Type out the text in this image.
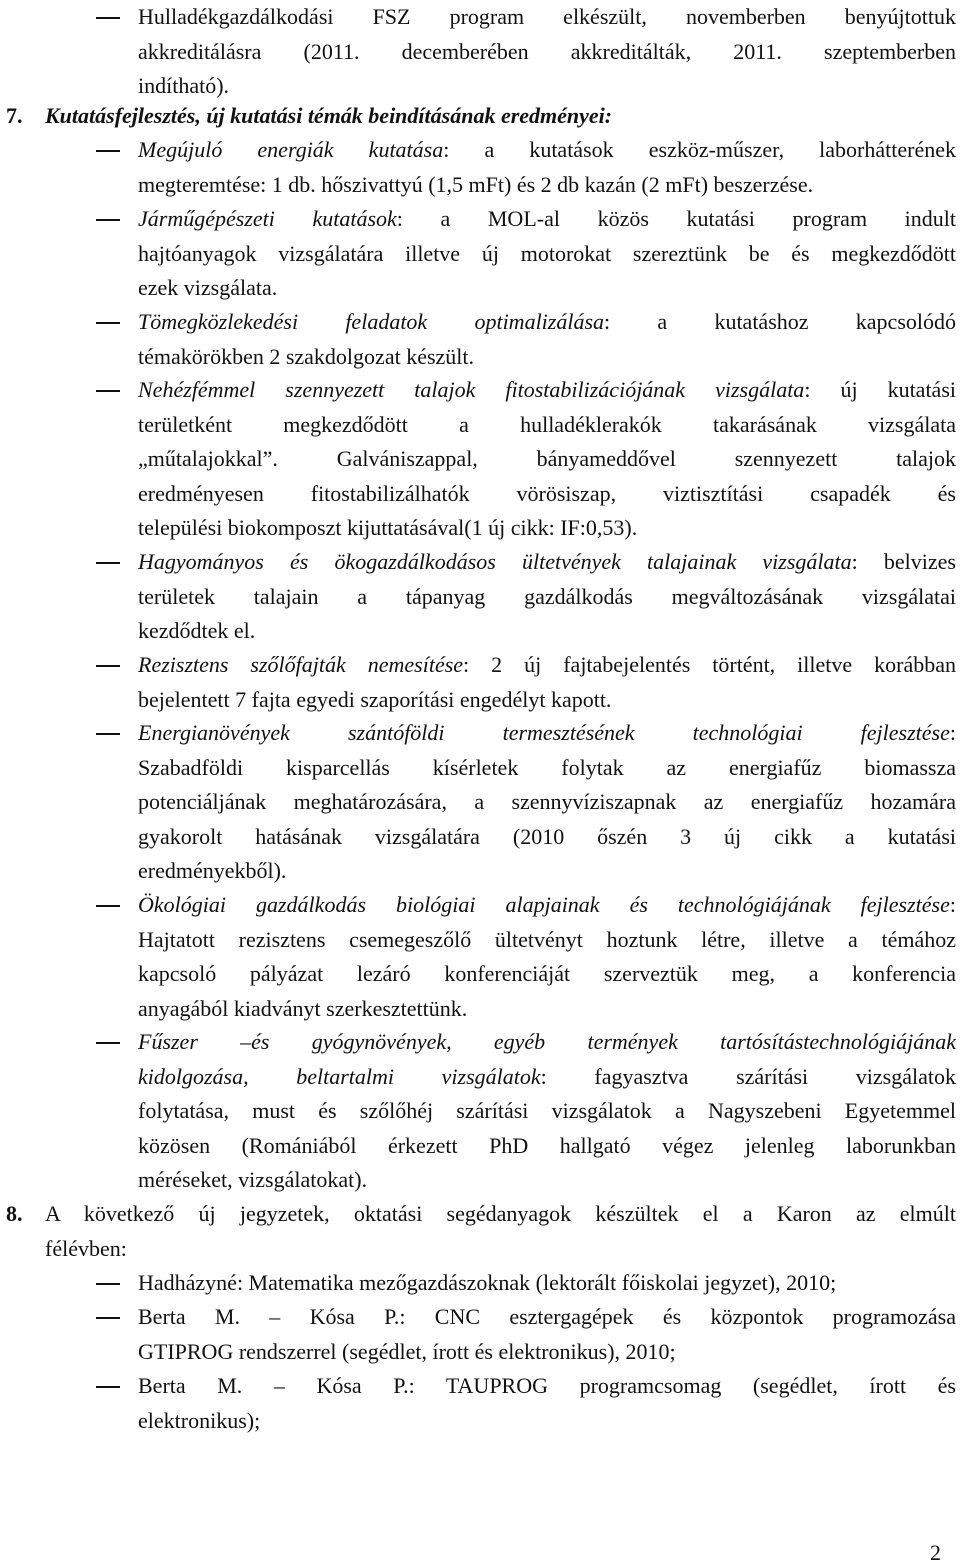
Hulladékgazdálkodási FSZ program elkészült, novemberben benyújtottuk
akkreditálásra (2011. decemberében akkreditálták, 2011. szeptemberben
indítható).
7. Kutatásfejlesztés, új kutatási témák beindításának eredményei:
Megújuló energiák kutatása: a kutatások eszköz-műszer, laborhátterének
megteremtése: 1 db. hőszivattyú (1,5 mFt) és 2 db kazán (2 mFt) beszerzése.
Járműgépészeti kutatások: a MOL-al közös kutatási program indult
hajtóanyagok vizsgálatára illetve új motorokat szereztünk be és megkezdődött
ezek vizsgálata.
Tömegközlekedési feladatok optimalizálása: a kutatáshoz kapcsolódó
témakörökben 2 szakdolgozat készült.
Nehézfémmel szennyezett talajok fitostabilizációjának vizsgálata: új kutatási
területként megkezdődött a hulladéklerakók takarásának vizsgálata
„műtalajokkal”. Galvániszappal, bányameddővel szennyezett talajok
eredményesen fitostabilizálhatók vörösiszap, viztisztítási csapadék és
települési biokomposzt kijuttatásával(1 új cikk: IF:0,53).
Hagyományos és ökogazdálkodásos ültetvények talajainak vizsgálata: belvizes
területek talajain a tápanyag gazdálkodás megváltozásának vizsgálatai
kezdődtek el.
Rezisztens szőlőfajták nemesítése: 2 új fajtabejelentés történt, illetve korábban
bejelentett 7 fajta egyedi szaporítási engedélyt kapott.
Energianövények szántóföldi termesztésének technológiai fejlesztése:
Szabadföldi kisparcellás kísérletek folytak az energiafűz biomassza
potenciáljának meghatározására, a szennyvíziszapnak az energiafűz hozamára
gyakorolt hatásának vizsgálatára (2010 őszén 3 új cikk a kutatási
eredményekből).
Ökológiai gazdálkodás biológiai alapjainak és technológiájának fejlesztése:
Hajtatott rezisztens csemegeszőlő ültetvényt hoztunk létre, illetve a témához
kapcsoló pályázat lezáró konferenciáját szerveztük meg, a konferencia
anyagából kiadványt szerkesztettünk.
Fűszer –és gyógynövények, egyéb termények tartósítástechnológiájának
kidolgozása, beltartalmi vizsgálatok: fagyasztva szárítási vizsgálatok
folytatása, must és szőlőhéj szárítási vizsgálatok a Nagyszebeni Egyetemmel
közösen (Romániából érkezett PhD hallgató végez jelenleg laborunkban
méréseket, vizsgálatokat).
8. A következő új jegyzetek, oktatási segédanyagok készültek el a Karon az elmúlt
félévben:
Hadházyné: Matematika mezőgazdászoknak (lektorált főiskolai jegyzet), 2010;
Berta M. – Kósa P.: CNC esztergagépek és központok programozása
GTIPROG rendszerrel (segédlet, írott és elektronikus), 2010;
Berta M. – Kósa P.: TAUPROG programcsomag (segédlet, írott és
elektronikus);
2
